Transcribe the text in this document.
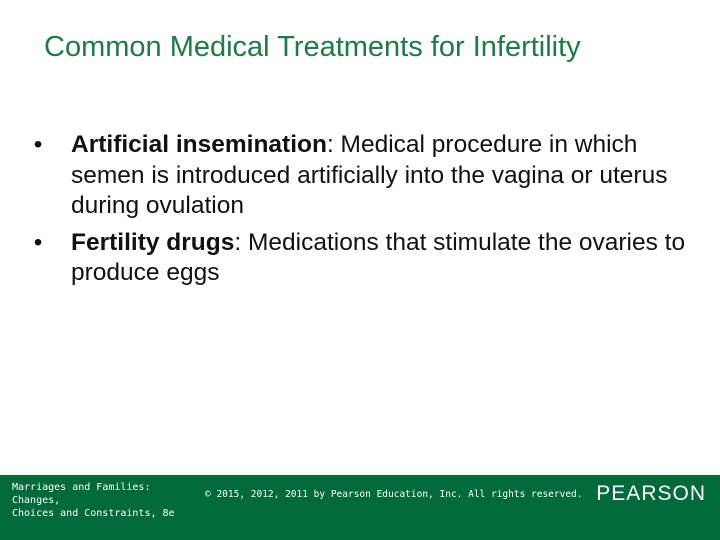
Common Medical Treatments for Infertility
• Artificial insemination: Medical procedure in which semen is introduced artificially into the vagina or uterus during ovulation
• Fertility drugs: Medications that stimulate the ovaries to produce eggs
Marriages and Families: Changes,
Choices and Constraints, 8e
© 2015, 2012, 2011 by Pearson Education, Inc. All rights reserved. PEARSON
